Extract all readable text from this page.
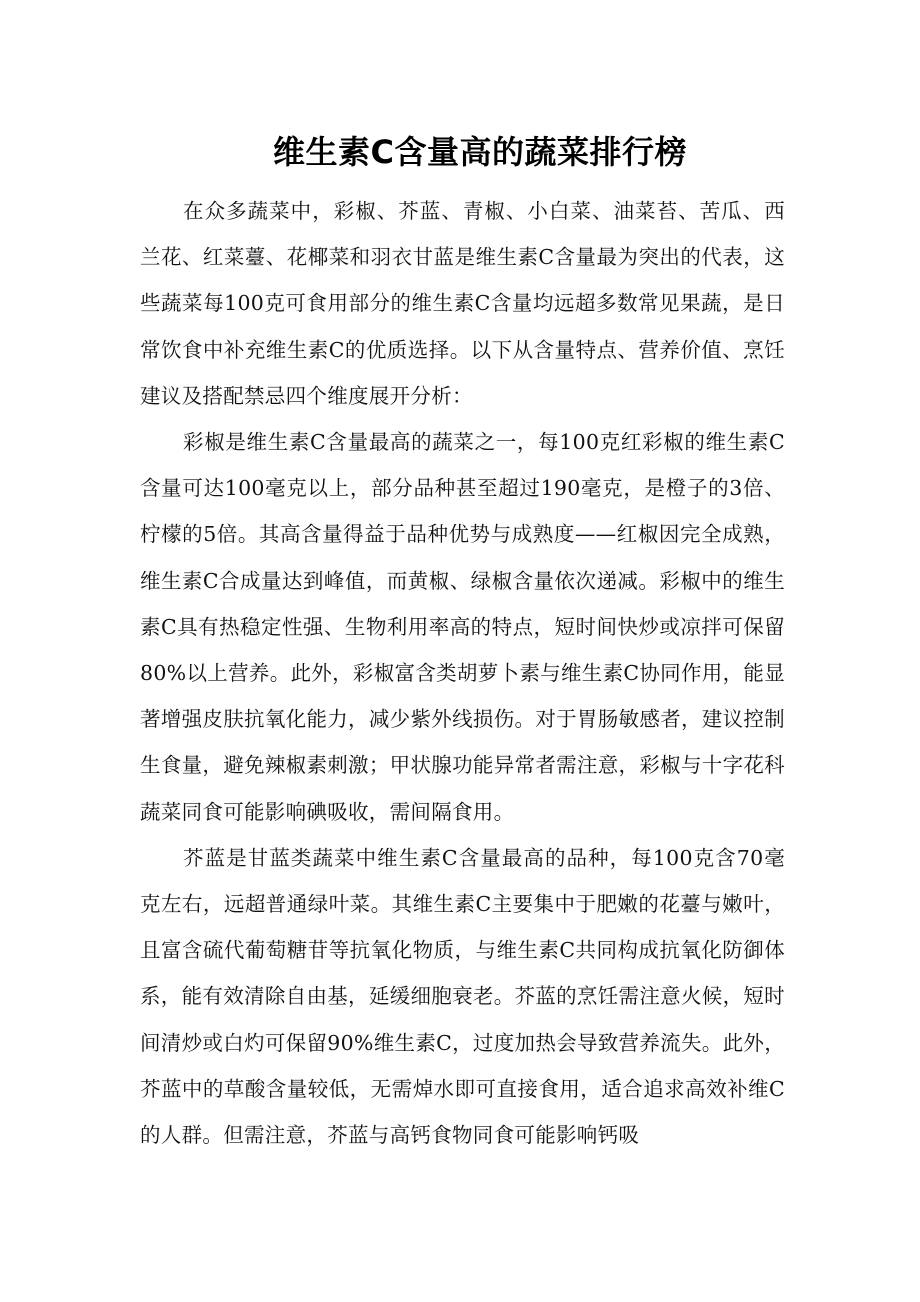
维生素C含量高的蔬菜排行榜

在众多蔬菜中，彩椒、芥蓝、青椒、小白菜、油菜苔、苦瓜、西兰花、红菜薹、花椰菜和羽衣甘蓝是维生素C含量最为突出的代表，这些蔬菜每100克可食用部分的维生素C含量均远超多数常见果蔬，是日常饮食中补充维生素C的优质选择。以下从含量特点、营养价值、烹饪建议及搭配禁忌四个维度展开分析：

彩椒是维生素C含量最高的蔬菜之一，每100克红彩椒的维生素C含量可达100毫克以上，部分品种甚至超过190毫克，是橙子的3倍、柠檬的5倍。其高含量得益于品种优势与成熟度——红椒因完全成熟，维生素C合成量达到峰值，而黄椒、绿椒含量依次递减。彩椒中的维生素C具有热稳定性强、生物利用率高的特点，短时间快炒或凉拌可保留80%以上营养。此外，彩椒富含类胡萝卜素与维生素C协同作用，能显著增强皮肤抗氧化能力，减少紫外线损伤。对于胃肠敏感者，建议控制生食量，避免辣椒素刺激；甲状腺功能异常者需注意，彩椒与十字花科蔬菜同食可能影响碘吸收，需间隔食用。

芥蓝是甘蓝类蔬菜中维生素C含量最高的品种，每100克含70毫克左右，远超普通绿叶菜。其维生素C主要集中于肥嫩的花薹与嫩叶，且富含硫代葡萄糖苷等抗氧化物质，与维生素C共同构成抗氧化防御体系，能有效清除自由基，延缓细胞衰老。芥蓝的烹饪需注意火候，短时间清炒或白灼可保留90%维生素C，过度加热会导致营养流失。此外，芥蓝中的草酸含量较低，无需焯水即可直接食用，适合追求高效补维C的人群。但需注意，芥蓝与高钙食物同食可能影响钙吸
